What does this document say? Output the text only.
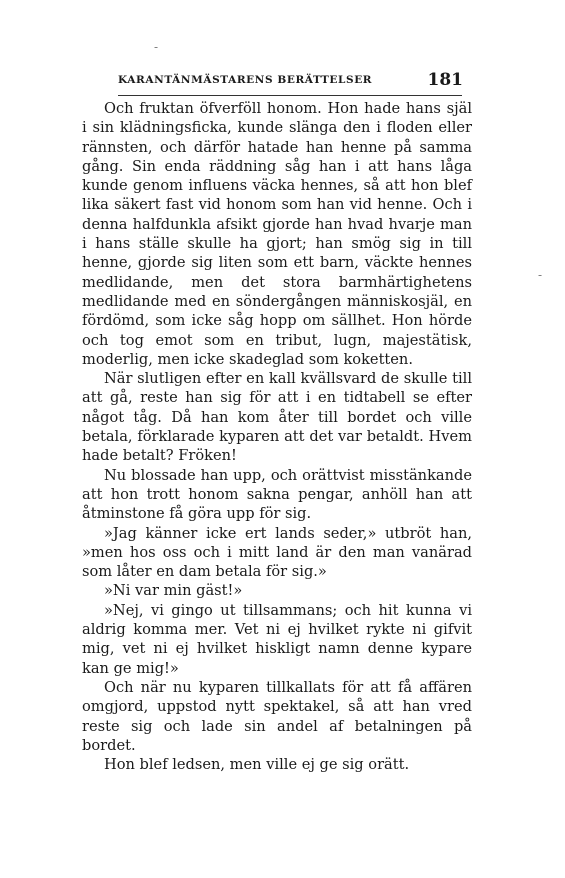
KARANTÄNMÄSTARENS BERÄTTELSER	181

Och fruktan öfverföll honom. Hon hade hans själ i sin klädningsficka, kunde slänga den i floden eller rännsten, och därför hatade han henne på samma gång. Sin enda räddning såg han i att hans låga kunde genom influens väcka hennes, så att hon blef lika säkert fast vid honom som han vid henne. Och i denna halfdunkla afsikt gjorde han hvad hvarje man i hans ställe skulle ha gjort; han smög sig in till henne, gjorde sig liten som ett barn, väckte hennes medlidande, men det stora barmhärtighetens medlidande med en söndergången människosjäl, en fördömd, som icke såg hopp om sällhet. Hon hörde och tog emot som en tribut, lugn, majestätisk, moderlig, men icke skadeglad som koketten.

När slutligen efter en kall kvällsvard de skulle till att gå, reste han sig för att i en tidtabell se efter något tåg. Då han kom åter till bordet och ville betala, förklarade kyparen att det var betaldt. Hvem hade betalt? Fröken!

Nu blossade han upp, och orättvist misstänkande att hon trott honom sakna pengar, anhöll han att åtminstone få göra upp för sig.

»Jag känner icke ert lands seder,» utbröt han, »men hos oss och i mitt land är den man vanärad som låter en dam betala för sig.»

»Ni var min gäst!»

»Nej, vi gingo ut tillsammans; och hit kunna vi aldrig komma mer. Vet ni ej hvilket rykte ni gifvit mig, vet ni ej hvilket hiskligt namn denne kypare kan ge mig!»

Och när nu kyparen tillkallats för att få affären omgjord, uppstod nytt spektakel, så att han vred reste sig och lade sin andel af betalningen på bordet.

Hon blef ledsen, men ville ej ge sig orätt.

-
-
